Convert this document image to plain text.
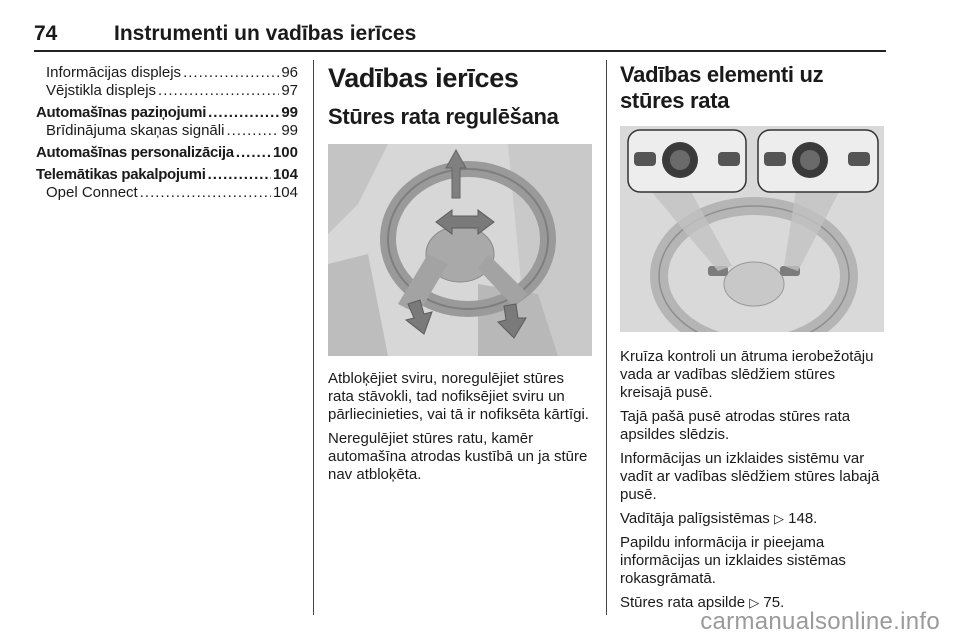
74	Instrumenti un vadības ierīces
Informācijas displejs .....	96
Vējstikla displejs .....	97
Automašīnas paziņojumi .....	99
Brīdinājuma skaņas signāli .....	99
Automašīnas personalizācija .....	100
Telemātikas pakalpojumi .....	104
Opel Connect .....	104
Vadības ierīces
Stūres rata regulēšana

Atbloķējiet sviru, noregulējiet stūres rata stāvokli, tad nofiksējiet sviru un pārliecinieties, vai tā ir nofiksēta kārtīgi.

Neregulējiet stūres ratu, kamēr automašīna atrodas kustībā un ja stūre nav atbloķēta.

Vadības elementi uz stūres rata

Kruīza kontroli un ātruma ierobežotāju vada ar vadības slēdžiem stūres kreisajā pusē.

Tajā pašā pusē atrodas stūres rata apsildes slēdzis.

Informācijas un izklaides sistēmu var vadīt ar vadības slēdžiem stūres labajā pusē.

Vadītāja palīgsistēmas ▷ 148.

Papildu informācija ir pieejama informācijas un izklaides sistēmas rokasgrāmatā.

Stūres rata apsilde ▷ 75.

carmanualsonline.info
